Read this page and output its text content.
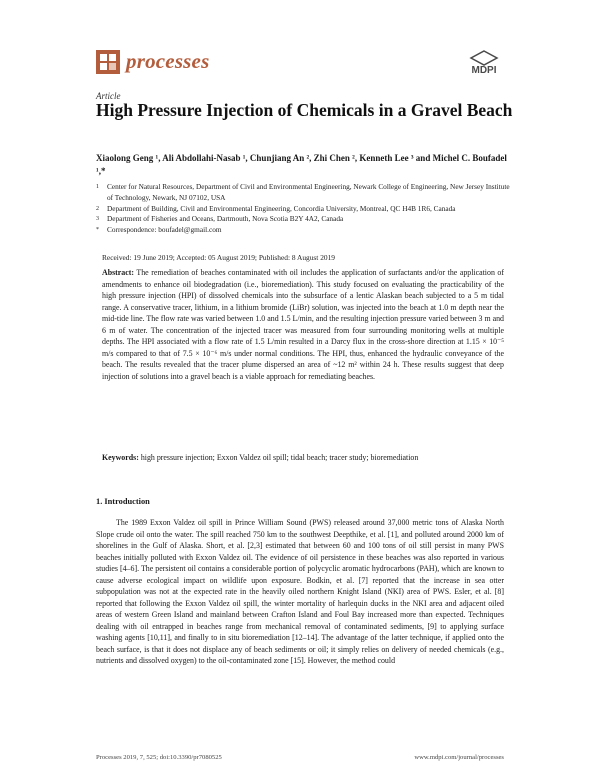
processes	MDPI
Article
High Pressure Injection of Chemicals in a Gravel Beach

Xiaolong Geng ¹, Ali Abdollahi-Nasab ¹, Chunjiang An ², Zhi Chen ², Kenneth Lee ³ and Michel C. Boufadel ¹,*

1 Center for Natural Resources, Department of Civil and Environmental Engineering, Newark College of Engineering, New Jersey Institute of Technology, Newark, NJ 07102, USA
2 Department of Building, Civil and Environmental Engineering, Concordia University, Montreal, QC H4B 1R6, Canada
3 Department of Fisheries and Oceans, Dartmouth, Nova Scotia B2Y 4A2, Canada
* Correspondence: boufadel@gmail.com
Received: 19 June 2019; Accepted: 05 August 2019; Published: 8 August 2019

Abstract: The remediation of beaches contaminated with oil includes the application of surfactants and/or the application of amendments to enhance oil biodegradation (i.e., bioremediation). This study focused on evaluating the practicability of the high pressure injection (HPI) of dissolved chemicals into the subsurface of a lentic Alaskan beach subjected to a 5 m tidal range. A conservative tracer, lithium, in a lithium bromide (LiBr) solution, was injected into the beach at 1.0 m depth near the mid-tide line. The flow rate was varied between 1.0 and 1.5 L/min, and the resulting injection pressure varied between 3 m and 6 m of water. The concentration of the injected tracer was measured from four surrounding monitoring wells at multiple depths. The HPI associated with a flow rate of 1.5 L/min resulted in a Darcy flux in the cross-shore direction at 1.15 × 10⁻⁵ m/s compared to that of 7.5 × 10⁻⁶ m/s under normal conditions. The HPI, thus, enhanced the hydraulic conveyance of the beach. The results revealed that the tracer plume dispersed an area of ~12 m² within 24 h. These results suggest that deep injection of solutions into a gravel beach is a viable approach for remediating beaches.

Keywords: high pressure injection; Exxon Valdez oil spill; tidal beach; tracer study; bioremediation

1. Introduction

The 1989 Exxon Valdez oil spill in Prince William Sound (PWS) released around 37,000 metric tons of Alaska North Slope crude oil onto the water. The spill reached 750 km to the southwest Deepthike, et al. [1], and polluted around 2000 km of shorelines in the Gulf of Alaska. Short, et al. [2,3] estimated that between 60 and 100 tons of oil still persist in many PWS beaches initially polluted with Exxon Valdez oil. The evidence of oil persistence in these beaches was also reported in various studies [4–6]. The persistent oil contains a considerable portion of polycyclic aromatic hydrocarbons (PAH), which are known to cause adverse ecological impact on wildlife upon exposure. Bodkin, et al. [7] reported that the increase in sea otter subpopulation was not at the expected rate in the heavily oiled northern Knight Island (NKI) area of PWS. Esler, et al. [8] reported that following the Exxon Valdez oil spill, the winter mortality of harlequin ducks in the NKI area and adjacent oiled areas of western Green Island and mainland between Crafton Island and Foul Bay increased more than expected. Techniques dealing with oil entrapped in beaches range from mechanical removal of contaminated sediments, [9] to applying surface washing agents [10,11], and finally to in situ bioremediation [12–14]. The advantage of the latter technique, if applied onto the beach surface, is that it does not displace any of beach sediments or oil; it simply relies on delivery of needed chemicals (e.g., nutrients and dissolved oxygen) to the oil-contaminated zone [15]. However, the method could

Processes 2019, 7, 525; doi:10.3390/pr7080525	www.mdpi.com/journal/processes
